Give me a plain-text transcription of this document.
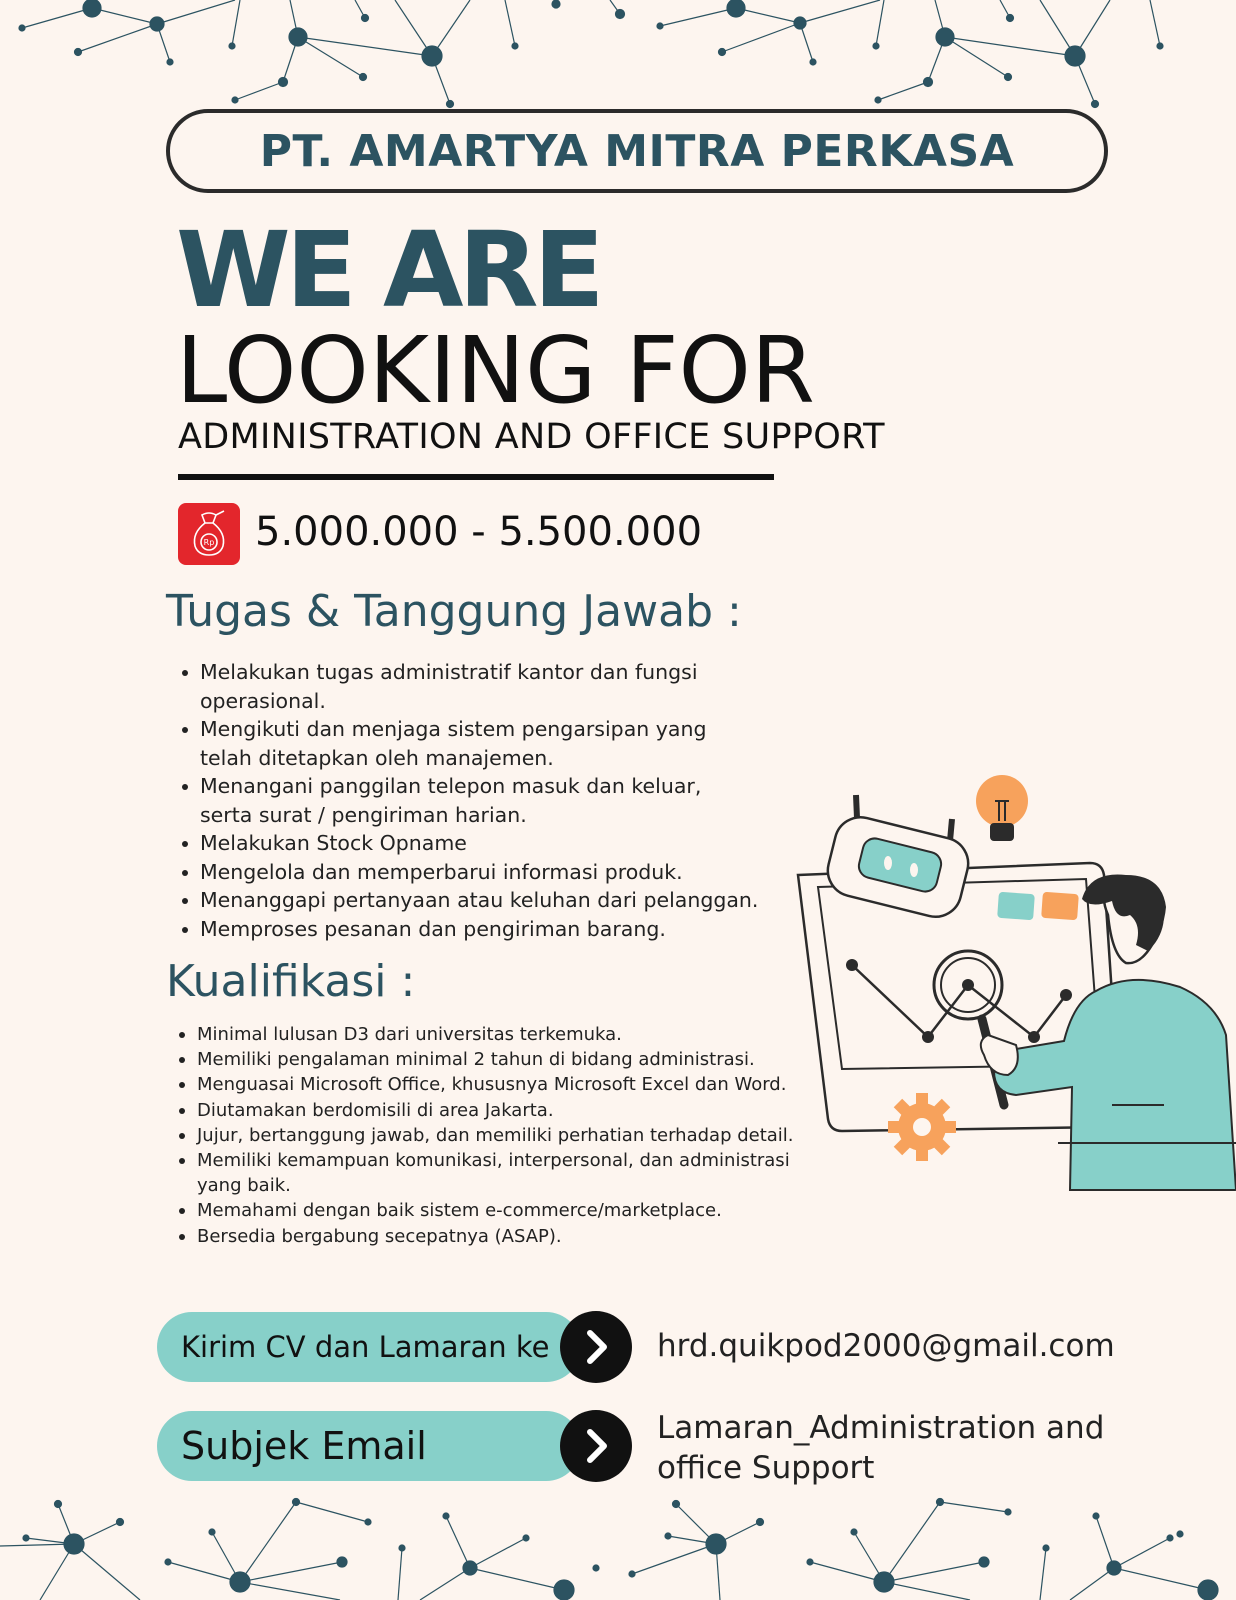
PT. AMARTYA MITRA PERKASA
WE ARE
LOOKING FOR
ADMINISTRATION AND OFFICE SUPPORT
Rp 5.000.000 - 5.500.000
Tugas & Tanggung Jawab :
Melakukan tugas administratif kantor dan fungsi operasional.
Mengikuti dan menjaga sistem pengarsipan yang telah ditetapkan oleh manajemen.
Menangani panggilan telepon masuk dan keluar, serta surat / pengiriman harian.
Melakukan Stock Opname
Mengelola dan memperbarui informasi produk.
Menanggapi pertanyaan atau keluhan dari pelanggan.
Memproses pesanan dan pengiriman barang.
Kualifikasi :
Minimal lulusan D3 dari universitas terkemuka.
Memiliki pengalaman minimal 2 tahun di bidang administrasi.
Menguasai Microsoft Office, khususnya Microsoft Excel dan Word.
Diutamakan berdomisili di area Jakarta.
Jujur, bertanggung jawab, dan memiliki perhatian terhadap detail.
Memiliki kemampuan komunikasi, interpersonal, dan administrasi yang baik.
Memahami dengan baik sistem e-commerce/marketplace.
Bersedia bergabung secepatnya (ASAP).
Kirim CV dan Lamaran ke	hrd.quikpod2000@gmail.com
Subjek Email	Lamaran_Administration and office Support
